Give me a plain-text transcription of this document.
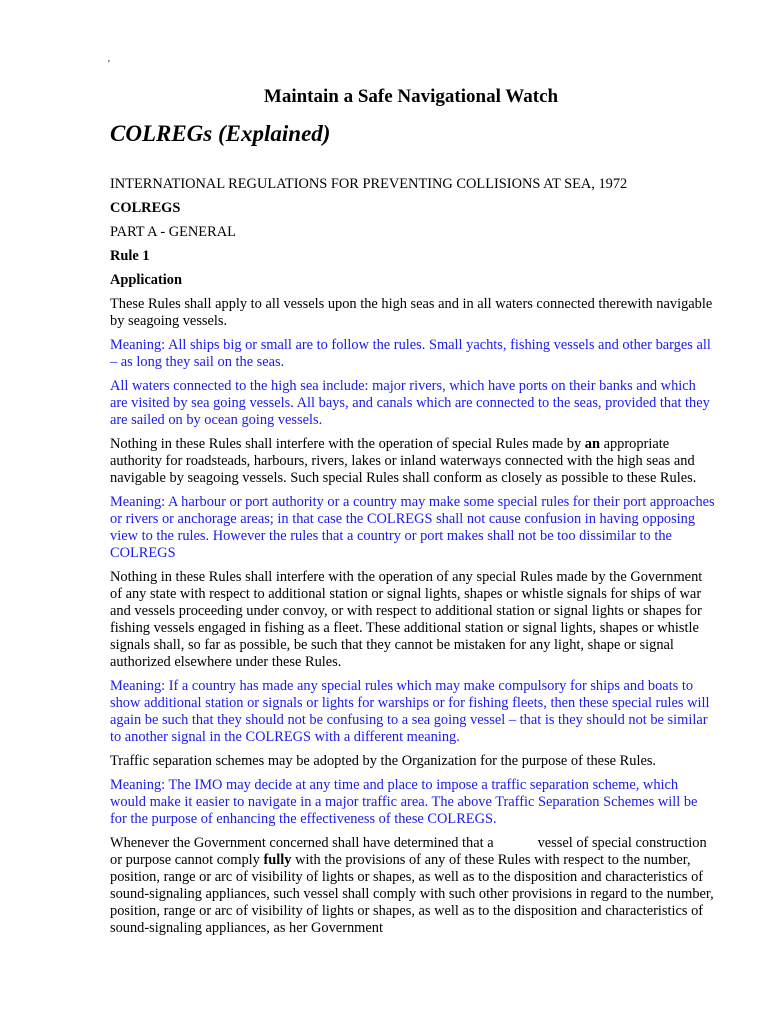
'
Maintain a Safe Navigational Watch
COLREGs (Explained)

INTERNATIONAL REGULATIONS FOR PREVENTING COLLISIONS AT SEA, 1972

COLREGS

PART A - GENERAL

Rule 1

Application

These Rules shall apply to all vessels upon the high seas and in all waters connected therewith navigable by seagoing vessels.

Meaning: All ships big or small are to follow the rules. Small yachts, fishing vessels and other barges all – as long they sail on the seas.

All waters connected to the high sea include: major rivers, which have ports on their banks and which are visited by sea going vessels. All bays, and canals which are connected to the seas, provided that they are sailed on by ocean going vessels.

Nothing in these Rules shall interfere with the operation of special Rules made by an appropriate authority for roadsteads, harbours, rivers, lakes or inland waterways connected with the high seas and navigable by seagoing vessels. Such special Rules shall conform as closely as possible to these Rules.

Meaning: A harbour or port authority or a country may make some special rules for their port approaches or rivers or anchorage areas; in that case the COLREGS shall not cause confusion in having opposing view to the rules. However the rules that a country or port makes shall not be too dissimilar to the COLREGS

Nothing in these Rules shall interfere with the operation of any special Rules made by the Government of any state with respect to additional station or signal lights, shapes or whistle signals for ships of war and vessels proceeding under convoy, or with respect to additional station or signal lights or shapes for fishing vessels engaged in fishing as a fleet. These additional station or signal lights, shapes or whistle signals shall, so far as possible, be such that they cannot be mistaken for any light, shape or signal authorized elsewhere under these Rules.

Meaning: If a country has made any special rules which may make compulsory for ships and boats to show additional station or signals or lights for warships or for fishing fleets, then these special rules will again be such that they should not be confusing to a sea going vessel – that is they should not be similar to another signal in the COLREGS with a different meaning.

Traffic separation schemes may be adopted by the Organization for the purpose of these Rules.

Meaning: The IMO may decide at any time and place to impose a traffic separation scheme, which would make it easier to navigate in a major traffic area. The above Traffic Separation Schemes will be for the purpose of enhancing the effectiveness of these COLREGS.

Whenever the Government concerned shall have determined that a	vessel of special construction or purpose cannot comply fully with the provisions of any of these Rules with respect to the number, position, range or arc of visibility of lights or shapes, as well as to the disposition and characteristics of sound-signaling appliances, such vessel shall comply with such other provisions in regard to the number, position, range or arc of visibility of lights or shapes, as well as to the disposition and characteristics of sound-signaling appliances, as her Government
